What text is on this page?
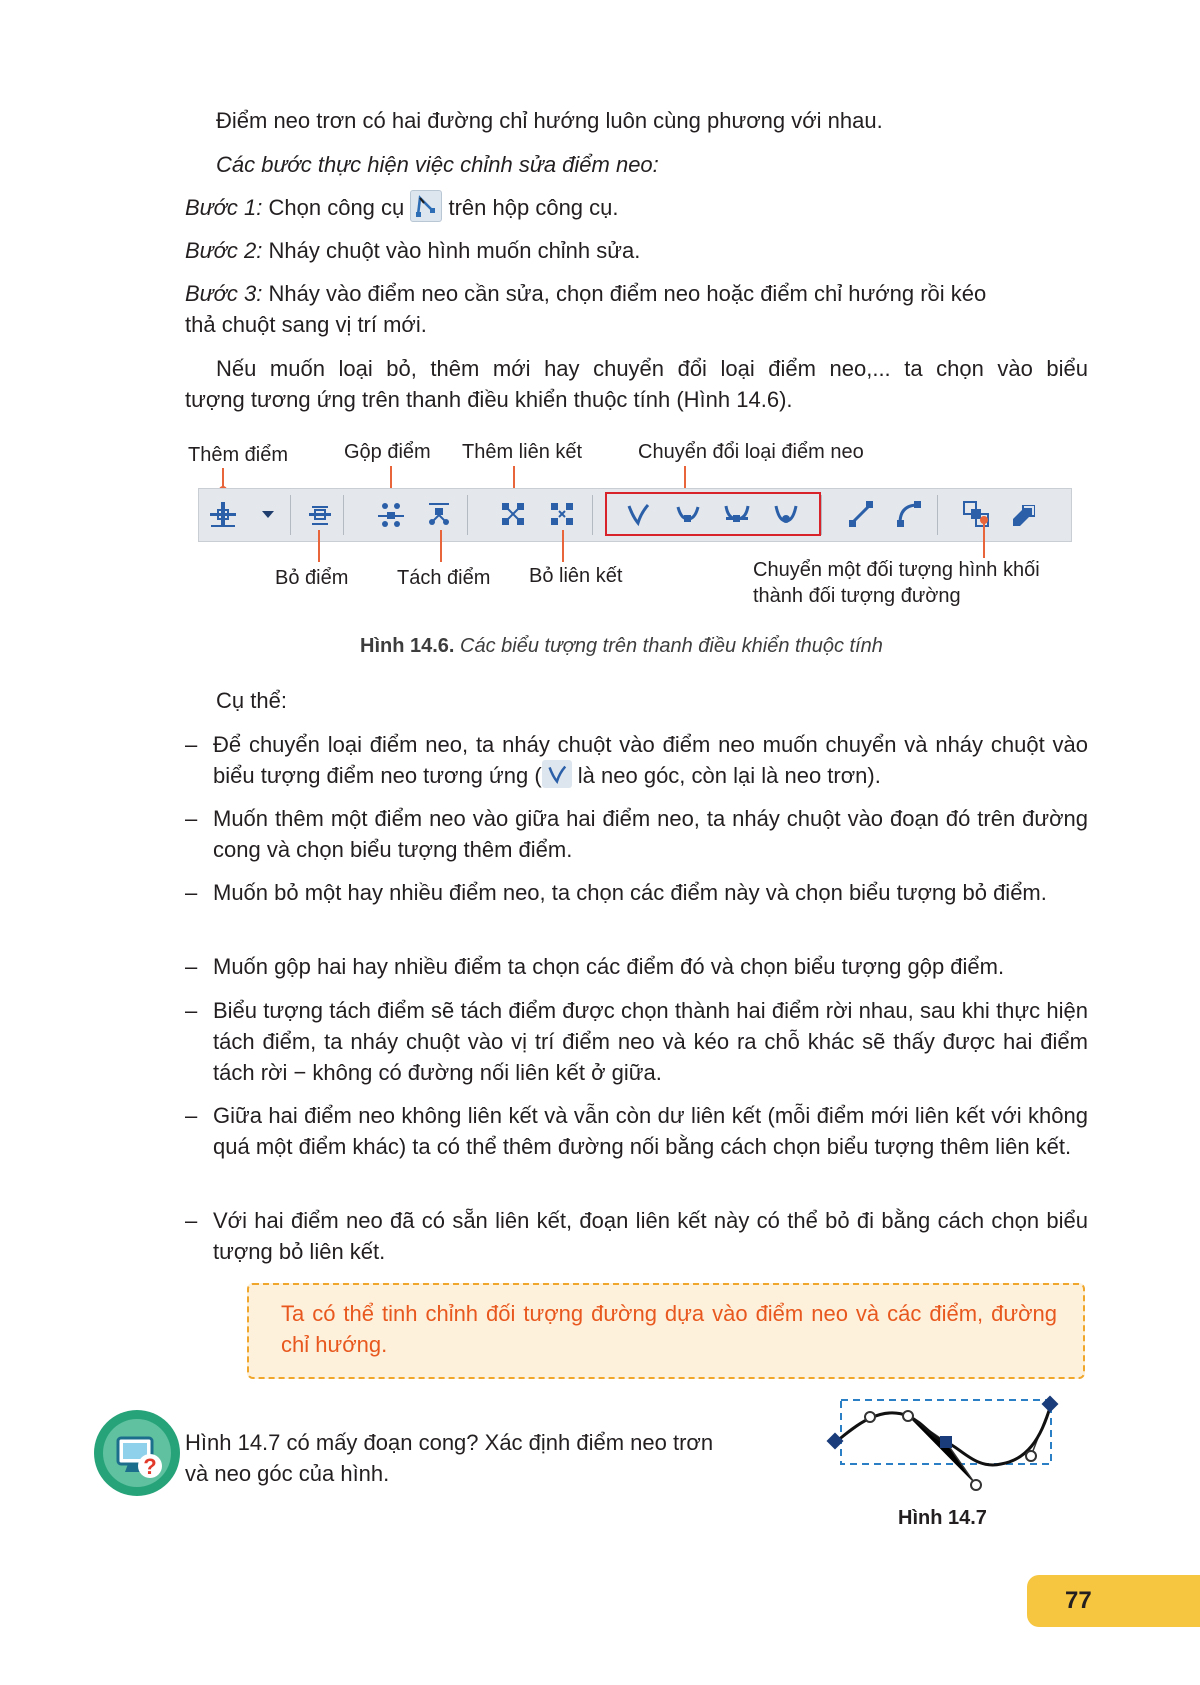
Điểm neo trơn có hai đường chỉ hướng luôn cùng phương với nhau.
Các bước thực hiện việc chỉnh sửa điểm neo:
Bước 1: Chọn công cụ  trên hộp công cụ.
Bước 2: Nháy chuột vào hình muốn chỉnh sửa.
Bước 3: Nháy vào điểm neo cần sửa, chọn điểm neo hoặc điểm chỉ hướng rồi kéo
thả chuột sang vị trí mới.
Nếu muốn loại bỏ, thêm mới hay chuyển đổi loại điểm neo,... ta chọn vào biểu
tượng tương ứng trên thanh điều khiển thuộc tính (Hình 14.6).
Thêm điểm	Gộp điểm Thêm liên kết	Chuyển đổi loại điểm neo
Bỏ điểm Tách điểm Bỏ liên kết	Chuyển một đối tượng hình khối
thành đối tượng đường
Hình 14.6. Các biểu tượng trên thanh điều khiển thuộc tính
Cụ thể:
– Để chuyển loại điểm neo, ta nháy chuột vào điểm neo muốn chuyển và nháy chuột vào biểu tượng điểm neo tương ứng ( là neo góc, còn lại là neo trơn).
– Muốn thêm một điểm neo vào giữa hai điểm neo, ta nháy chuột vào đoạn đó trên đường cong và chọn biểu tượng thêm điểm.
– Muốn bỏ một hay nhiều điểm neo, ta chọn các điểm này và chọn biểu tượng bỏ điểm.
– Muốn gộp hai hay nhiều điểm ta chọn các điểm đó và chọn biểu tượng gộp điểm.
– Biểu tượng tách điểm sẽ tách điểm được chọn thành hai điểm rời nhau, sau khi thực hiện tách điểm, ta nháy chuột vào vị trí điểm neo và kéo ra chỗ khác sẽ thấy được hai điểm tách rời − không có đường nối liên kết ở giữa.
– Giữa hai điểm neo không liên kết và vẫn còn dư liên kết (mỗi điểm mới liên kết với không quá một điểm khác) ta có thể thêm đường nối bằng cách chọn biểu tượng thêm liên kết.
– Với hai điểm neo đã có sẵn liên kết, đoạn liên kết này có thể bỏ đi bằng cách chọn biểu tượng bỏ liên kết.
Ta có thể tinh chỉnh đối tượng đường dựa vào điểm neo và các điểm, đường chỉ hướng.
?
Hình 14.7 có mấy đoạn cong? Xác định điểm neo trơn
và neo góc của hình.
Hình 14.7
77
